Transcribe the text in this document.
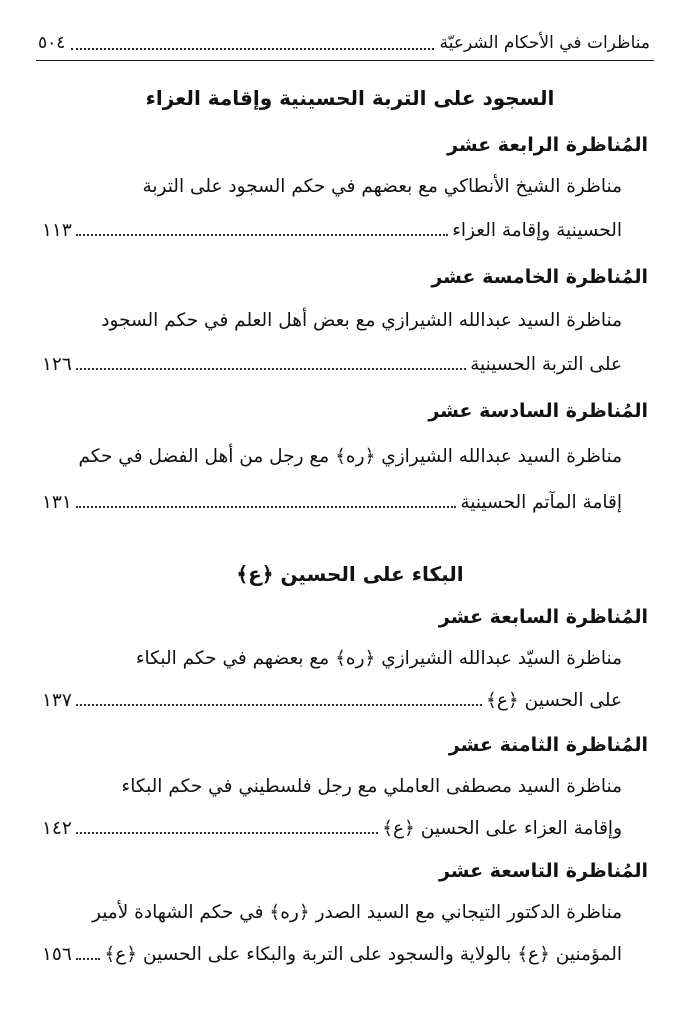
مناظرات في الأحكام الشرعيّة
٥٠٤
السجود على التربة الحسينية وإقامة العزاء
المُناظرة الرابعة عشر
مناظرة الشيخ الأنطاكي مع بعضهم في حكم السجود على التربة
الحسينية وإقامة العزاء
١١٣
المُناظرة الخامسة عشر
مناظرة السيد عبدالله الشيرازي مع بعض أهل العلم في حكم السجود
على التربة الحسينية
١٢٦
المُناظرة السادسة عشر
مناظرة السيد عبدالله الشيرازي ﴿ره﴾ مع رجل من أهل الفضل في حكم
إقامة المآتم الحسينية
١٣١
البكاء على الحسين ﴿ع﴾
المُناظرة السابعة عشر
مناظرة السيّد عبدالله الشيرازي ﴿ره﴾ مع بعضهم في حكم البكاء
على الحسين ﴿ع﴾
١٣٧
المُناظرة الثامنة عشر
مناظرة السيد مصطفى العاملي مع رجل فلسطيني في حكم البكاء
وإقامة العزاء على الحسين ﴿ع﴾
١٤٢
المُناظرة التاسعة عشر
مناظرة الدكتور التيجاني مع السيد الصدر ﴿ره﴾ في حكم الشهادة لأمير
المؤمنين ﴿ع﴾ بالولاية والسجود على التربة والبكاء على الحسين ﴿ع﴾
١٥٦
